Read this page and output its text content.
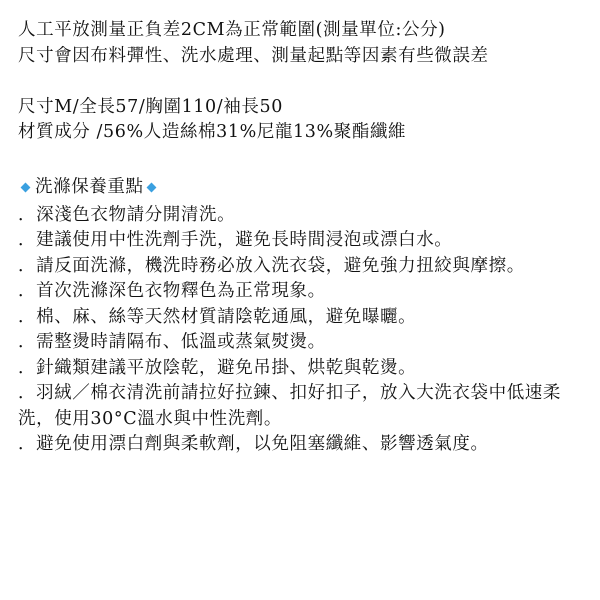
人工平放測量正負差2CM為正常範圍(測量單位:公分)

尺寸會因布料彈性、洗水處理、測量起點等因素有些微誤差

尺寸M/全長57/胸圍110/袖長50

材質成分 /56%人造絲棉31%尼龍13%聚酯纖維

洗滌保養重點
．深淺色衣物請分開清洗。
．建議使用中性洗劑手洗，避免長時間浸泡或漂白水。
．請反面洗滌，機洗時務必放入洗衣袋，避免強力扭絞與摩擦。
．首次洗滌深色衣物釋色為正常現象。
．棉、麻、絲等天然材質請陰乾通風，避免曝曬。
．需整燙時請隔布、低溫或蒸氣熨燙。
．針織類建議平放陰乾，避免吊掛、烘乾與乾燙。
．羽絨／棉衣清洗前請拉好拉鍊、扣好扣子，放入大洗衣袋中低速柔洗，使用30°C溫水與中性洗劑。
．避免使用漂白劑與柔軟劑，以免阻塞纖維、影響透氣度。
